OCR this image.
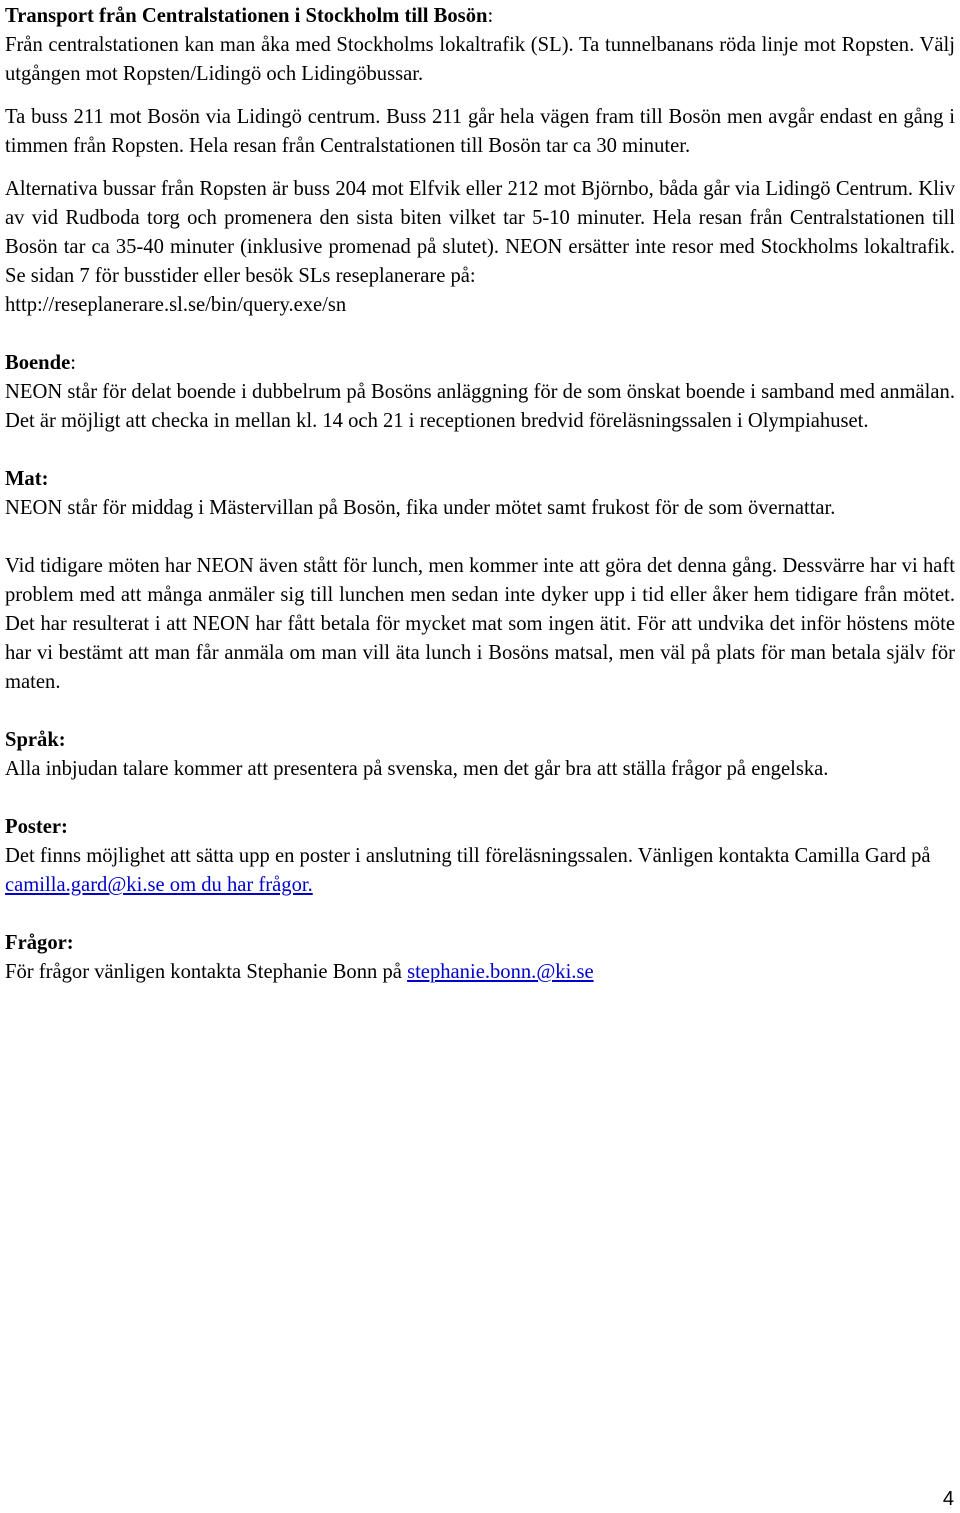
Transport från Centralstationen i Stockholm till Bosön:

Från centralstationen kan man åka med Stockholms lokaltrafik (SL). Ta tunnelbanans röda linje mot Ropsten. Välj utgången mot Ropsten/Lidingö och Lidingöbussar.

Ta buss 211 mot Bosön via Lidingö centrum. Buss 211 går hela vägen fram till Bosön men avgår endast en gång i timmen från Ropsten. Hela resan från Centralstationen till Bosön tar ca 30 minuter.

Alternativa bussar från Ropsten är buss 204 mot Elfvik eller 212 mot Björnbo, båda går via Lidingö Centrum. Kliv av vid Rudboda torg och promenera den sista biten vilket tar 5-10 minuter. Hela resan från Centralstationen till Bosön tar ca 35-40 minuter (inklusive promenad på slutet). NEON ersätter inte resor med Stockholms lokaltrafik. Se sidan 7 för busstider eller besök SLs reseplanerare på:

http://reseplanerare.sl.se/bin/query.exe/sn

Boende:

NEON står för delat boende i dubbelrum på Bosöns anläggning för de som önskat boende i samband med anmälan. Det är möjligt att checka in mellan kl. 14 och 21 i receptionen bredvid föreläsningssalen i Olympiahuset.

Mat:

NEON står för middag i Mästervillan på Bosön, fika under mötet samt frukost för de som övernattar.

Vid tidigare möten har NEON även stått för lunch, men kommer inte att göra det denna gång. Dessvärre har vi haft problem med att många anmäler sig till lunchen men sedan inte dyker upp i tid eller åker hem tidigare från mötet. Det har resulterat i att NEON har fått betala för mycket mat som ingen ätit. För att undvika det inför höstens möte har vi bestämt att man får anmäla om man vill äta lunch i Bosöns matsal, men väl på plats för man betala själv för maten.

Språk:

Alla inbjudan talare kommer att presentera på svenska, men det går bra att ställa frågor på engelska.

Poster:

Det finns möjlighet att sätta upp en poster i anslutning till föreläsningssalen. Vänligen kontakta Camilla Gard på camilla.gard@ki.se om du har frågor.

Frågor:

För frågor vänligen kontakta Stephanie Bonn på stephanie.bonn.@ki.se

4
